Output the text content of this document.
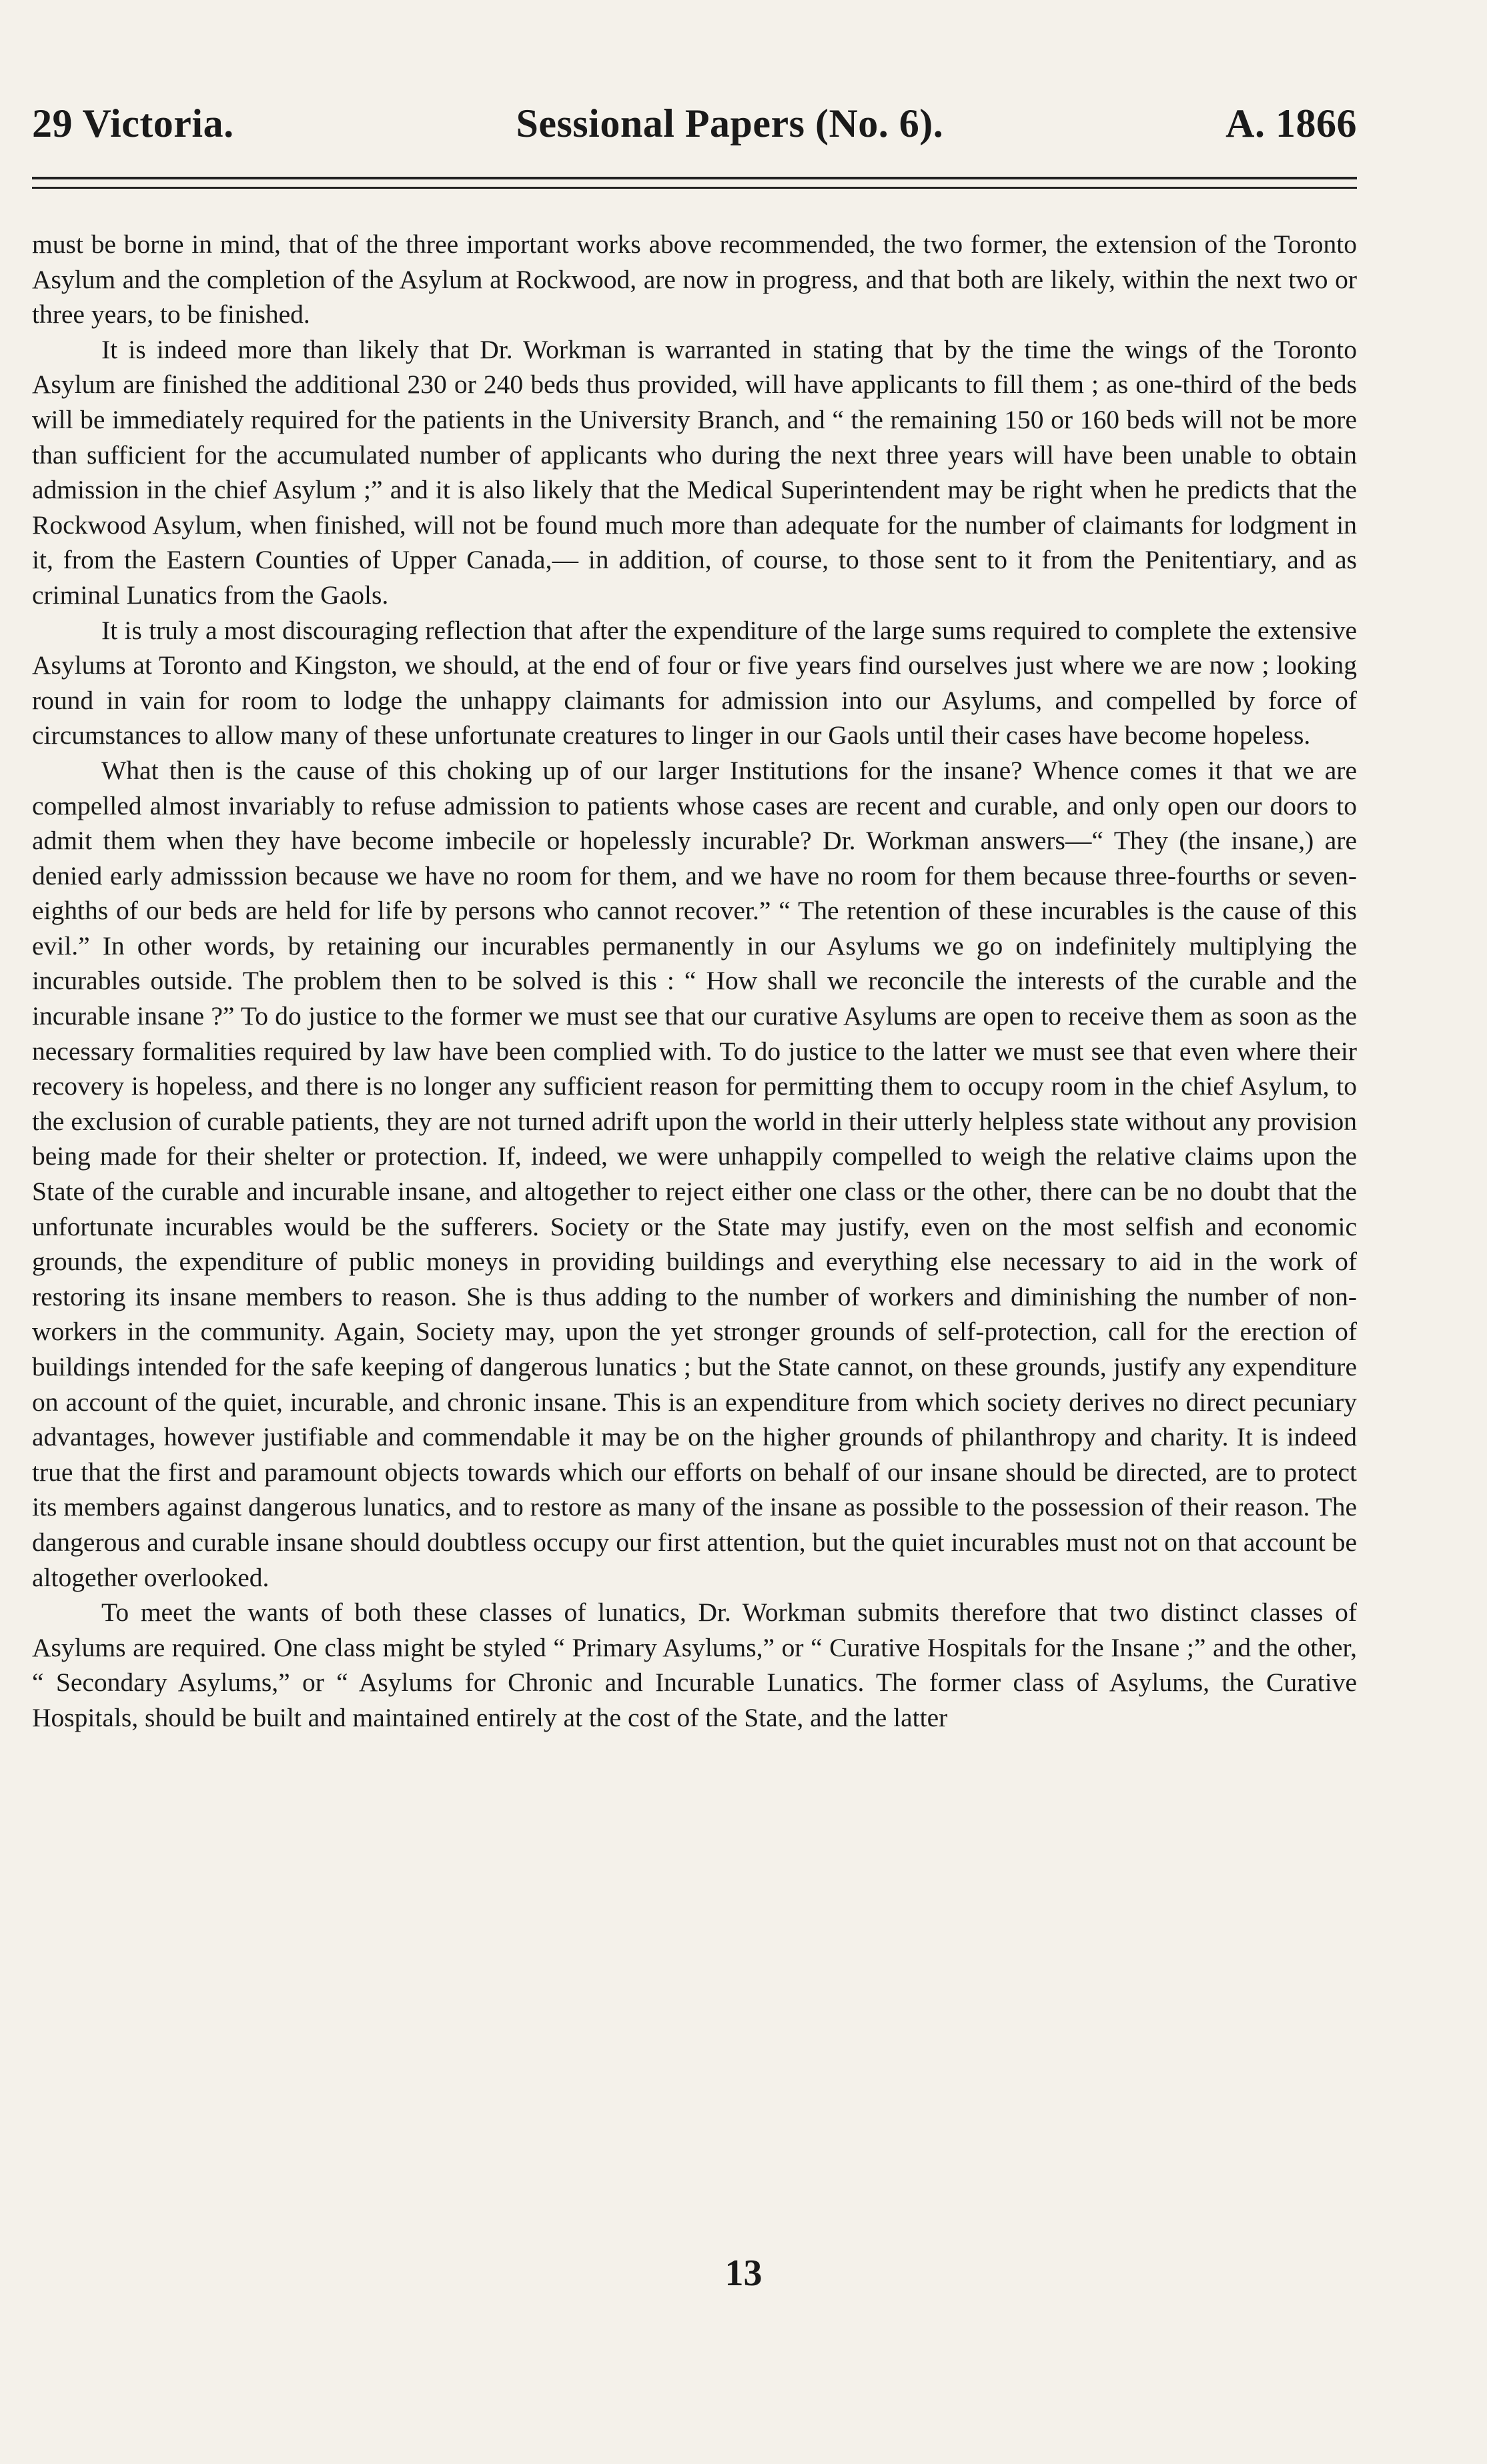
29 Victoria.	Sessional Papers (No. 6).	A. 1866

must be borne in mind, that of the three important works above recommended, the two former, the extension of the Toronto Asylum and the completion of the Asylum at Rockwood, are now in progress, and that both are likely, within the next two or three years, to be finished.

It is indeed more than likely that Dr. Workman is warranted in stating that by the time the wings of the Toronto Asylum are finished the additional 230 or 240 beds thus provided, will have applicants to fill them ; as one-third of the beds will be immediately required for the patients in the University Branch, and “ the remaining 150 or 160 beds will not be more than sufficient for the accumulated number of applicants who during the next three years will have been unable to obtain admission in the chief Asylum ;” and it is also likely that the Medical Superintendent may be right when he predicts that the Rockwood Asylum, when finished, will not be found much more than adequate for the number of claimants for lodgment in it, from the Eastern Counties of Upper Canada,— in addition, of course, to those sent to it from the Penitentiary, and as criminal Lunatics from the Gaols.

It is truly a most discouraging reflection that after the expenditure of the large sums required to complete the extensive Asylums at Toronto and Kingston, we should, at the end of four or five years find ourselves just where we are now ; looking round in vain for room to lodge the unhappy claimants for admission into our Asylums, and compelled by force of circumstances to allow many of these unfortunate creatures to linger in our Gaols until their cases have become hopeless.

What then is the cause of this choking up of our larger Institutions for the insane? Whence comes it that we are compelled almost invariably to refuse admission to patients whose cases are recent and curable, and only open our doors to admit them when they have become imbecile or hopelessly incurable? Dr. Workman answers—“ They (the insane,) are denied early admisssion because we have no room for them, and we have no room for them because three-fourths or seven-eighths of our beds are held for life by persons who cannot recover.” “ The retention of these incurables is the cause of this evil.” In other words, by retaining our incurables permanently in our Asylums we go on indefinitely multiplying the incurables outside. The problem then to be solved is this : “ How shall we reconcile the interests of the curable and the incurable insane ?” To do justice to the former we must see that our curative Asylums are open to receive them as soon as the necessary formalities required by law have been complied with. To do justice to the latter we must see that even where their recovery is hopeless, and there is no longer any sufficient reason for permitting them to occupy room in the chief Asylum, to the exclusion of curable patients, they are not turned adrift upon the world in their utterly helpless state without any provision being made for their shelter or protection. If, indeed, we were unhappily compelled to weigh the relative claims upon the State of the curable and incurable insane, and altogether to reject either one class or the other, there can be no doubt that the unfortunate incurables would be the sufferers. Society or the State may justify, even on the most selfish and economic grounds, the expenditure of public moneys in providing buildings and everything else necessary to aid in the work of restoring its insane members to reason. She is thus adding to the number of workers and diminishing the number of non-workers in the community. Again, Society may, upon the yet stronger grounds of self-protection, call for the erection of buildings intended for the safe keeping of dangerous lunatics ; but the State cannot, on these grounds, justify any expenditure on account of the quiet, incurable, and chronic insane. This is an expenditure from which society derives no direct pecuniary advantages, however justifiable and commendable it may be on the higher grounds of philanthropy and charity. It is indeed true that the first and paramount objects towards which our efforts on behalf of our insane should be directed, are to protect its members against dangerous lunatics, and to restore as many of the insane as possible to the possession of their reason. The dangerous and curable insane should doubtless occupy our first attention, but the quiet incurables must not on that account be altogether overlooked.

To meet the wants of both these classes of lunatics, Dr. Workman submits therefore that two distinct classes of Asylums are required. One class might be styled “ Primary Asylums,” or “ Curative Hospitals for the Insane ;” and the other, “ Secondary Asylums,” or “ Asylums for Chronic and Incurable Lunatics. The former class of Asylums, the Curative Hospitals, should be built and maintained entirely at the cost of the State, and the latter

13
